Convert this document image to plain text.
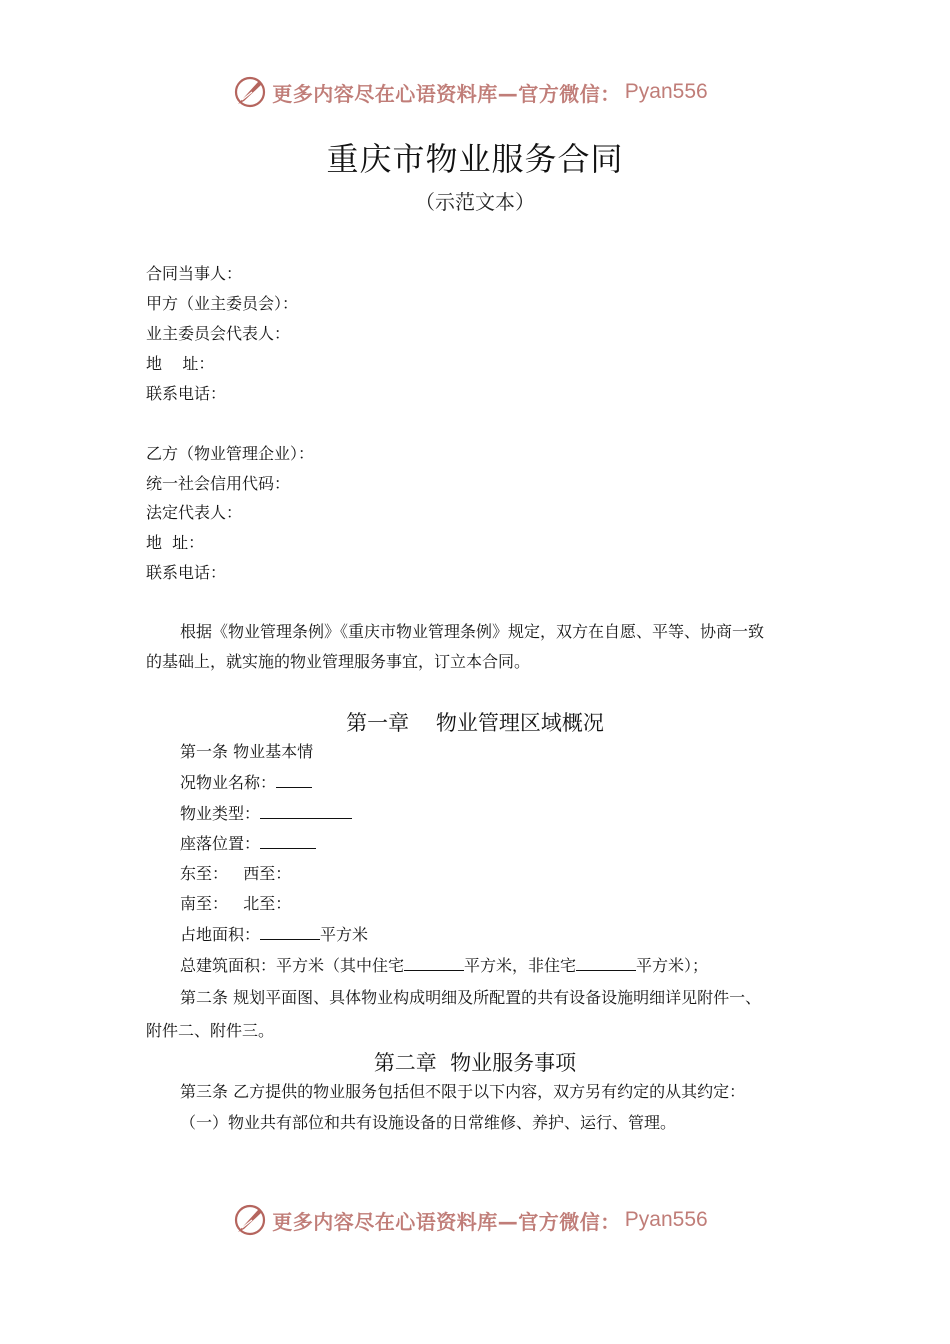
更多内容尽在心语资料库—官方微信： Pyan556
重庆市物业服务合同
（示范文本）
合同当事人：
甲方（业主委员会）：
业主委员会代表人：
地    址：
联系电话：
乙方（物业管理企业）：
统一社会信用代码：
法定代表人：
地  址：
联系电话：
根据《物业管理条例》《重庆市物业管理条例》规定，双方在自愿、平等、协商一致
的基础上，就实施的物业管理服务事宜，订立本合同。
第一章    物业管理区域概况
第一条 物业基本情
况物业名称：
物业类型：
座落位置：
东至：   西至：
南至：   北至：
占地面积：	平方米
总建筑面积：平方米（其中住宅	平方米，非住宅	平方米）；
第二条 规划平面图、具体物业构成明细及所配置的共有设备设施明细详见附件一、
附件二、附件三。
第二章  物业服务事项
第三条 乙方提供的物业服务包括但不限于以下内容，双方另有约定的从其约定：
（一）物业共有部位和共有设施设备的日常维修、养护、运行、管理。
更多内容尽在心语资料库—官方微信： Pyan556
